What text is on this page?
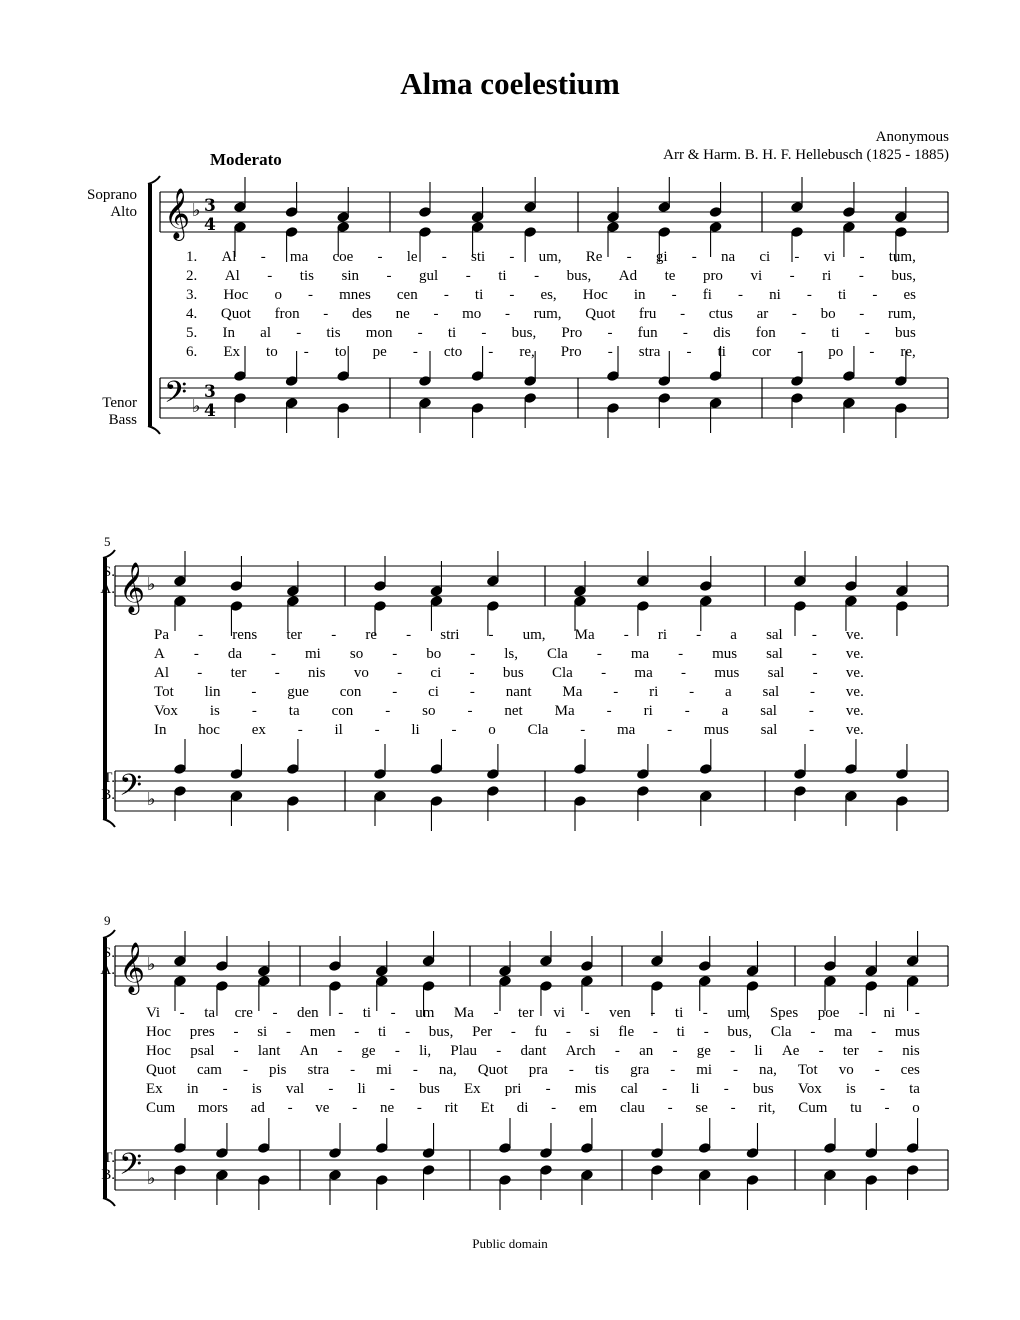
Alma coelestium
Anonymous
Arr & Harm. B. H. F. Hellebusch (1825 - 1885)
Moderato
Soprano
Alto
Tenor
Bass
S.
A.
T.
B.
S.
A.
T.
B.
5
9
𝄞
𝄢
♭
♭
3
4
3
4
𝄞
𝄢
♭
♭
𝄞
𝄢
♭
♭
1. Al - ma coe - le - sti - um, Re - gi - na ci - vi - tum,
2. Al - tis sin - gul - ti - bus, Ad te pro vi - ri - bus,
3. Hoc o - mnes cen - ti - es, Hoc in - fi - ni - ti - es
4. Quot fron - des ne - mo - rum, Quot fru - ctus ar - bo - rum,
5. In al - tis mon - ti - bus, Pro - fun - dis fon - ti - bus
6. Ex to - to pe - cto - re, Pro - stra - ti cor - po - re,
Pa - rens ter - re - stri - um, Ma - ri - a sal - ve.
A - da - mi so - bo - ls, Cla - ma - mus sal - ve.
Al - ter - nis vo - ci - bus Cla - ma - mus sal - ve.
Tot lin - gue con - ci - nant Ma - ri - a sal - ve.
Vox is - ta con - so - net Ma - ri - a sal - ve.
In hoc ex - il - li - o Cla - ma - mus sal - ve.
Vi - ta cre - den - ti - um Ma - ter vi - ven - ti - um, Spes poe - ni -
Hoc pres - si - men - ti - bus, Per - fu - si fle - ti - bus, Cla - ma - mus
Hoc psal - lant An - ge - li, Plau - dant Arch - an - ge - li Ae - ter - nis
Quot cam - pis stra - mi - na, Quot pra - tis gra - mi - na, Tot vo - ces
Ex in - is val - li - bus Ex pri - mis cal - li - bus Vox is - ta
Cum mors ad - ve - ne - rit Et di - em clau - se - rit, Cum tu - o
Public domain
